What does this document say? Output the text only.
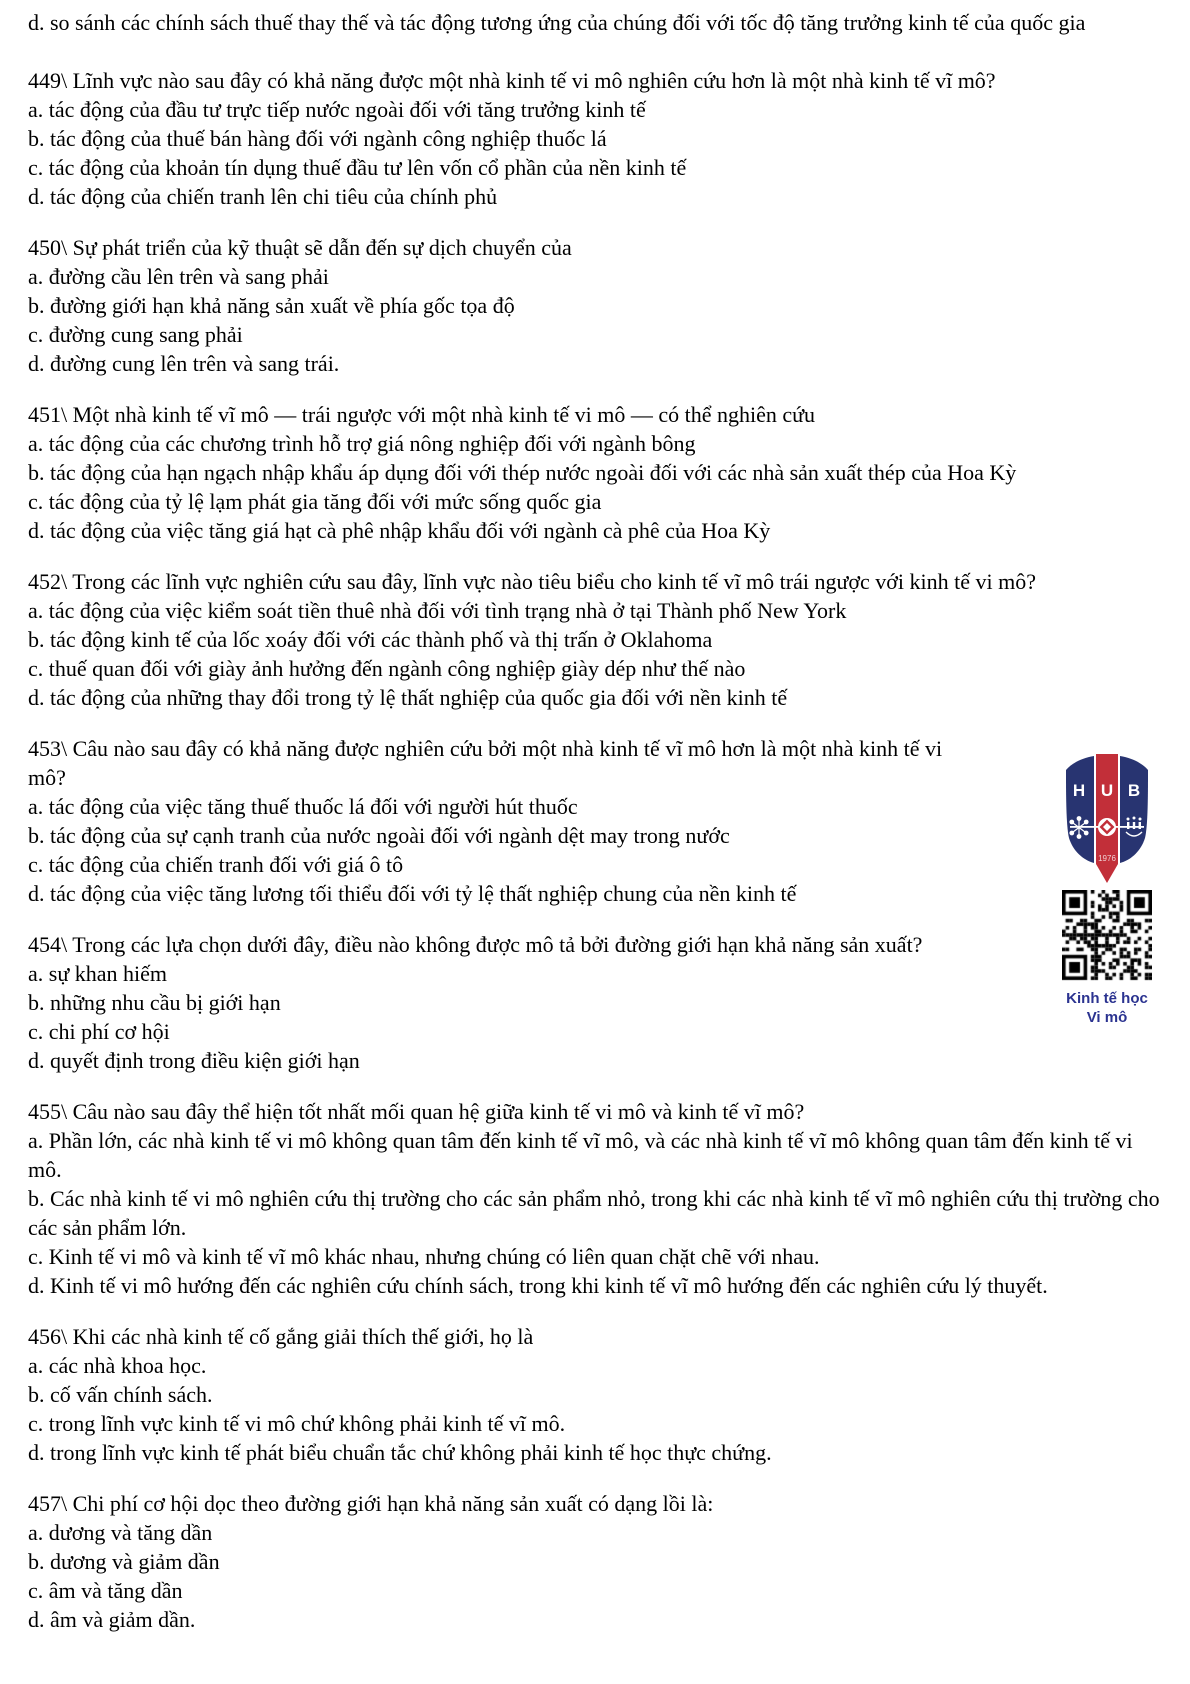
d. so sánh các chính sách thuế thay thế và tác động tương ứng của chúng đối với tốc độ tăng trưởng kinh tế của quốc gia

449\ Lĩnh vực nào sau đây có khả năng được một nhà kinh tế vi mô nghiên cứu hơn là một nhà kinh tế vĩ mô?

a. tác động của đầu tư trực tiếp nước ngoài đối với tăng trưởng kinh tế

b. tác động của thuế bán hàng đối với ngành công nghiệp thuốc lá

c. tác động của khoản tín dụng thuế đầu tư lên vốn cổ phần của nền kinh tế

d. tác động của chiến tranh lên chi tiêu của chính phủ

450\ Sự phát triển của kỹ thuật sẽ dẫn đến sự dịch chuyển của

a. đường cầu lên trên và sang phải

b. đường giới hạn khả năng sản xuất về phía gốc tọa độ

c. đường cung sang phải

d. đường cung lên trên và sang trái.

451\ Một nhà kinh tế vĩ mô — trái ngược với một nhà kinh tế vi mô — có thể nghiên cứu

a. tác động của các chương trình hỗ trợ giá nông nghiệp đối với ngành bông

b. tác động của hạn ngạch nhập khẩu áp dụng đối với thép nước ngoài đối với các nhà sản xuất thép của Hoa Kỳ

c. tác động của tỷ lệ lạm phát gia tăng đối với mức sống quốc gia

d. tác động của việc tăng giá hạt cà phê nhập khẩu đối với ngành cà phê của Hoa Kỳ

452\ Trong các lĩnh vực nghiên cứu sau đây, lĩnh vực nào tiêu biểu cho kinh tế vĩ mô trái ngược với kinh tế vi mô?

a. tác động của việc kiểm soát tiền thuê nhà đối với tình trạng nhà ở tại Thành phố New York

b. tác động kinh tế của lốc xoáy đối với các thành phố và thị trấn ở Oklahoma

c. thuế quan đối với giày ảnh hưởng đến ngành công nghiệp giày dép như thế nào

d. tác động của những thay đổi trong tỷ lệ thất nghiệp của quốc gia đối với nền kinh tế

453\ Câu nào sau đây có khả năng được nghiên cứu bởi một nhà kinh tế vĩ mô hơn là một nhà kinh tế vi mô?

a. tác động của việc tăng thuế thuốc lá đối với người hút thuốc

b. tác động của sự cạnh tranh của nước ngoài đối với ngành dệt may trong nước

c. tác động của chiến tranh đối với giá ô tô

d. tác động của việc tăng lương tối thiểu đối với tỷ lệ thất nghiệp chung của nền kinh tế

454\ Trong các lựa chọn dưới đây, điều nào không được mô tả bởi đường giới hạn khả năng sản xuất?

a. sự khan hiếm

b. những nhu cầu bị giới hạn

c. chi phí cơ hội

d. quyết định trong điều kiện giới hạn

455\ Câu nào sau đây thể hiện tốt nhất mối quan hệ giữa kinh tế vi mô và kinh tế vĩ mô?

a. Phần lớn, các nhà kinh tế vi mô không quan tâm đến kinh tế vĩ mô, và các nhà kinh tế vĩ mô không quan tâm đến kinh tế vi mô.

b. Các nhà kinh tế vi mô nghiên cứu thị trường cho các sản phẩm nhỏ, trong khi các nhà kinh tế vĩ mô nghiên cứu thị trường cho các sản phẩm lớn.

c. Kinh tế vi mô và kinh tế vĩ mô khác nhau, nhưng chúng có liên quan chặt chẽ với nhau.

d. Kinh tế vi mô hướng đến các nghiên cứu chính sách, trong khi kinh tế vĩ mô hướng đến các nghiên cứu lý thuyết.

456\ Khi các nhà kinh tế cố gắng giải thích thế giới, họ là

a. các nhà khoa học.

b. cố vấn chính sách.

c. trong lĩnh vực kinh tế vi mô chứ không phải kinh tế vĩ mô.

d. trong lĩnh vực kinh tế phát biểu chuẩn tắc chứ không phải kinh tế học thực chứng.

457\ Chi phí cơ hội dọc theo đường giới hạn khả năng sản xuất có dạng lồi là:

a. dương và tăng dần

b. dương và giảm dần

c. âm và tăng dần

d. âm và giảm dần.

H U B
1976
Kinh tế học
Vi mô
